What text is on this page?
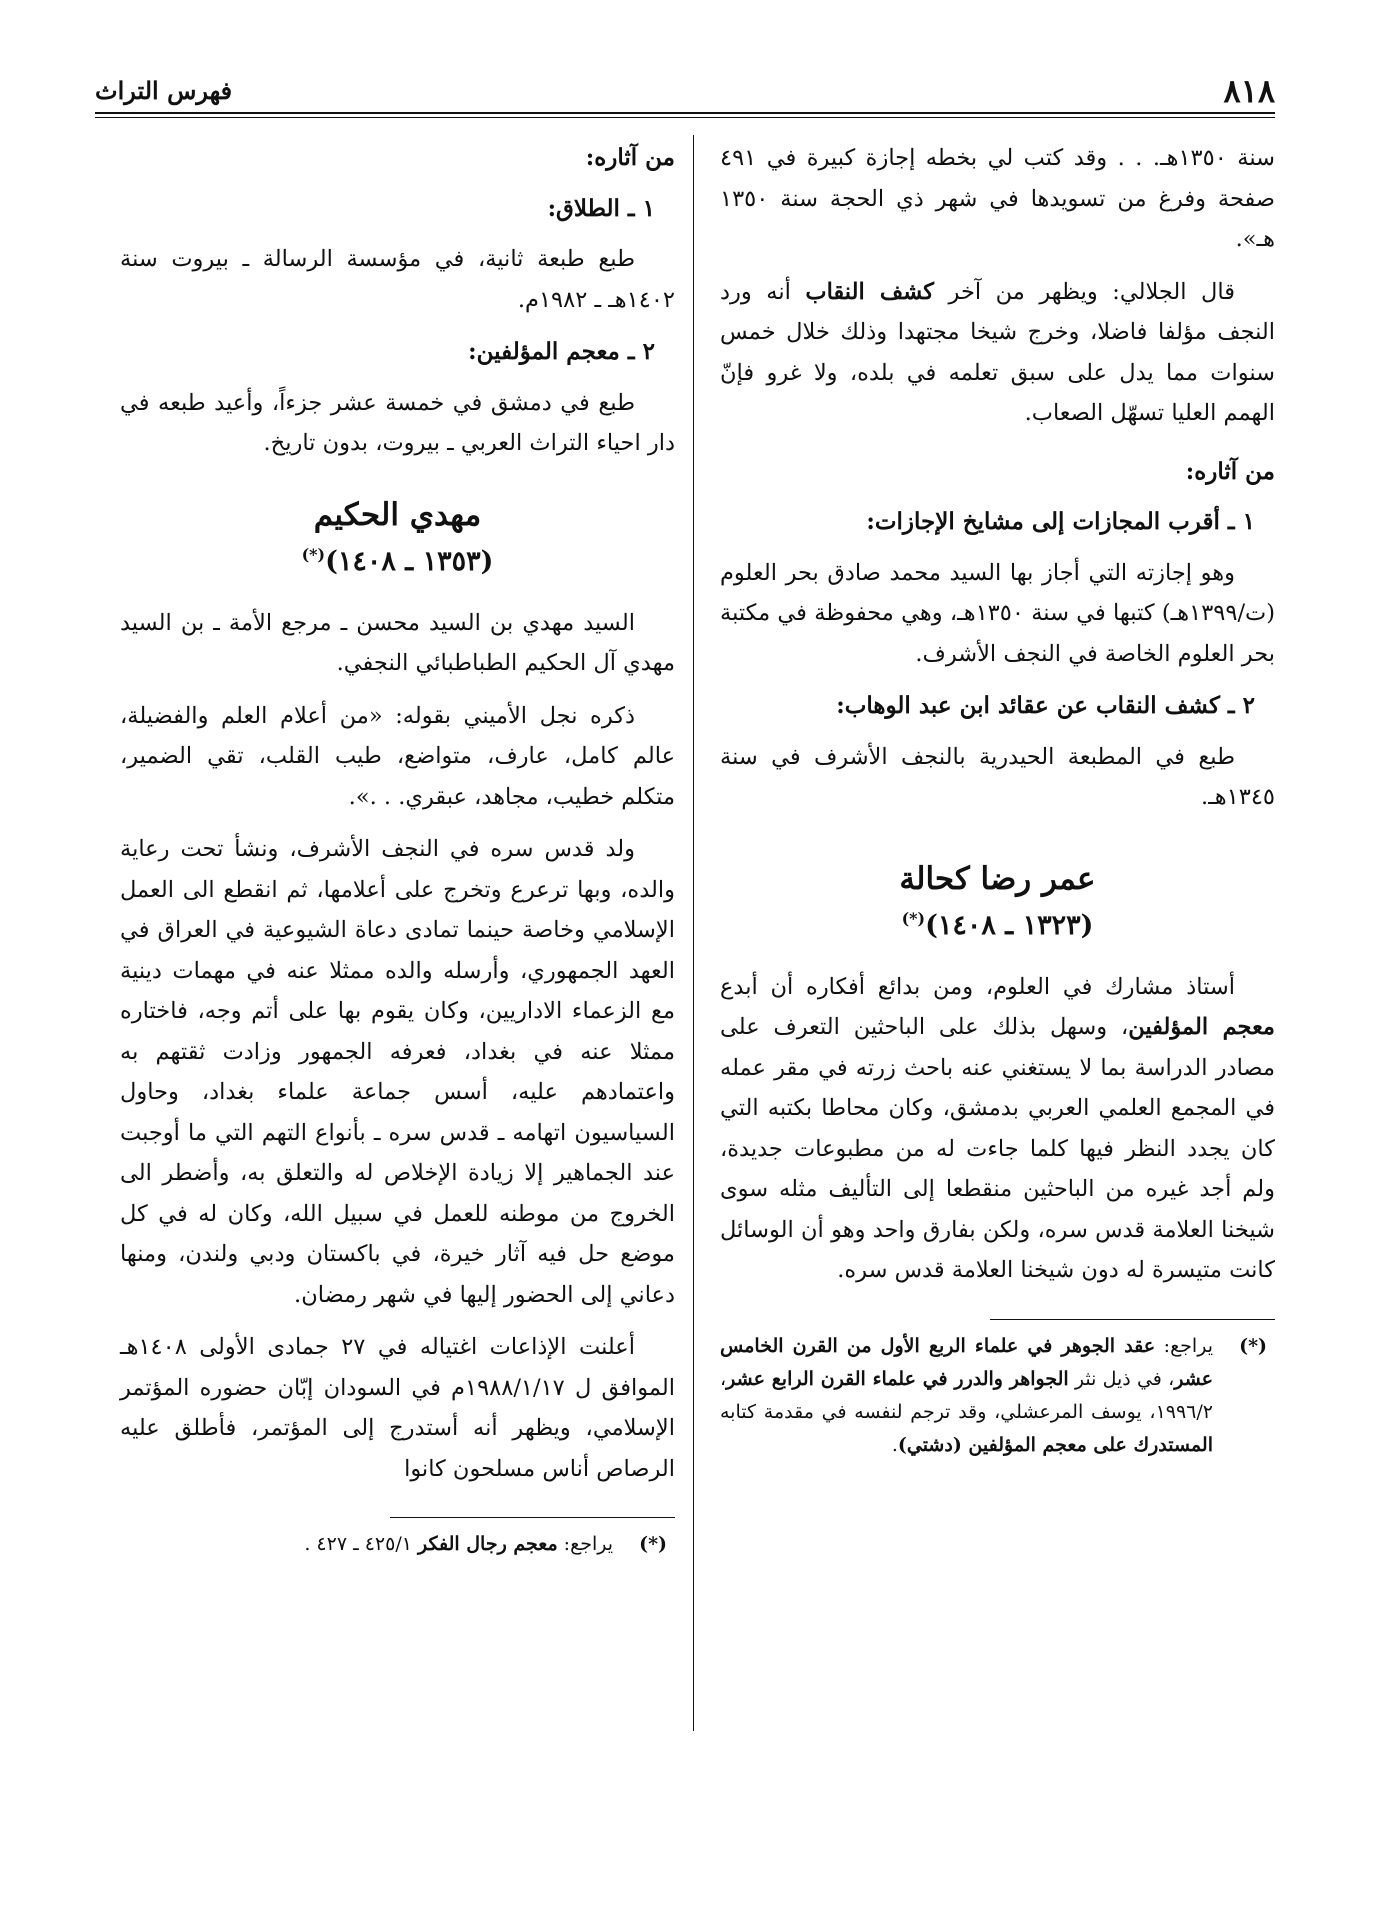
٨١٨
فهرس التراث

سنة ١٣٥٠هـ. . . وقد كتب لي بخطه إجازة كبيرة في ٤٩١ صفحة وفرغ من تسويدها في شهر ذي الحجة سنة ١٣٥٠ هـ».

قال الجلالي: ويظهر من آخر كشف النقاب أنه ورد النجف مؤلفا فاضلا، وخرج شيخا مجتهدا وذلك خلال خمس سنوات مما يدل على سبق تعلمه في بلده، ولا غرو فإنّ الهمم العليا تسهّل الصعاب.

من آثاره:
١ ـ أقرب المجازات إلى مشايخ الإجازات:

وهو إجازته التي أجاز بها السيد محمد صادق بحر العلوم (ت/١٣٩٩هـ) كتبها في سنة ١٣٥٠هـ، وهي محفوظة في مكتبة بحر العلوم الخاصة في النجف الأشرف.

٢ ـ كشف النقاب عن عقائد ابن عبد الوهاب:

طبع في المطبعة الحيدرية بالنجف الأشرف في سنة ١٣٤٥هـ.

عمر رضا كحالة
(١٣٢٣ ـ ١٤٠٨)(*)

أستاذ مشارك في العلوم، ومن بدائع أفكاره أن أبدع معجم المؤلفين، وسهل بذلك على الباحثين التعرف على مصادر الدراسة بما لا يستغني عنه باحث زرته في مقر عمله في المجمع العلمي العربي بدمشق، وكان محاطا بكتبه التي كان يجدد النظر فيها كلما جاءت له من مطبوعات جديدة، ولم أجد غيره من الباحثين منقطعا إلى التأليف مثله سوى شيخنا العلامة قدس سره، ولكن بفارق واحد وهو أن الوسائل كانت متيسرة له دون شيخنا العلامة قدس سره.

(*)
يراجع: عقد الجوهر في علماء الربع الأول من القرن الخامس عشر، في ذيل نثر الجواهر والدرر في علماء القرن الرابع عشر، ١٩٩٦/٢، يوسف المرعشلي، وقد ترجم لنفسه في مقدمة كتابه المستدرك على معجم المؤلفين (دشتي).
من آثاره:
١ ـ الطلاق:

طبع طبعة ثانية، في مؤسسة الرسالة ـ بيروت سنة ١٤٠٢هـ ـ ١٩٨٢م.

٢ ـ معجم المؤلفين:

طبع في دمشق في خمسة عشر جزءاً، وأعيد طبعه في دار احياء التراث العربي ـ بيروت، بدون تاريخ.

مهدي الحكيم
(١٣٥٣ ـ ١٤٠٨)(*)

السيد مهدي بن السيد محسن ـ مرجع الأمة ـ بن السيد مهدي آل الحكيم الطباطبائي النجفي.

ذكره نجل الأميني بقوله: «من أعلام العلم والفضيلة، عالم كامل، عارف، متواضع، طيب القلب، تقي الضمير، متكلم خطيب، مجاهد، عبقري. . .».

ولد قدس سره في النجف الأشرف، ونشأ تحت رعاية والده، وبها ترعرع وتخرج على أعلامها، ثم انقطع الى العمل الإسلامي وخاصة حينما تمادى دعاة الشيوعية في العراق في العهد الجمهوري، وأرسله والده ممثلا عنه في مهمات دينية مع الزعماء الاداريين، وكان يقوم بها على أتم وجه، فاختاره ممثلا عنه في بغداد، فعرفه الجمهور وزادت ثقتهم به واعتمادهم عليه، أسس جماعة علماء بغداد، وحاول السياسيون اتهامه ـ قدس سره ـ بأنواع التهم التي ما أوجبت عند الجماهير إلا زيادة الإخلاص له والتعلق به، وأضطر الى الخروج من موطنه للعمل في سبيل الله، وكان له في كل موضع حل فيه آثار خيرة، في باكستان ودبي ولندن، ومنها دعاني إلى الحضور إليها في شهر رمضان.

أعلنت الإذاعات اغتياله في ٢٧ جمادى الأولى ١٤٠٨هـ الموافق ل ١٩٨٨/١/١٧م في السودان إبّان حضوره المؤتمر الإسلامي، ويظهر أنه أستدرج إلى المؤتمر، فأطلق عليه الرصاص أناس مسلحون كانوا

(*)
يراجع: معجم رجال الفكر ٤٢٥/١ ـ ٤٢٧ .
